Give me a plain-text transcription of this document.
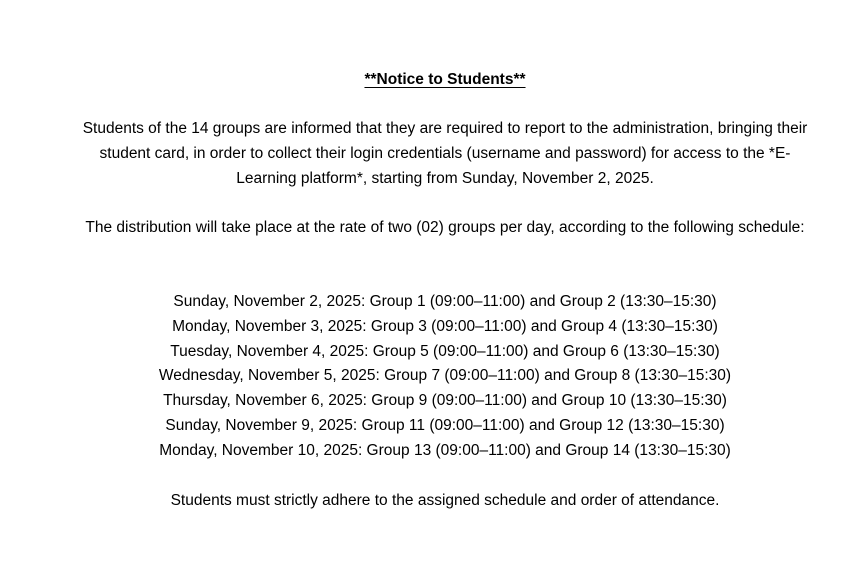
**Notice to Students**

Students of the 14 groups are informed that they are required to report to the administration, bringing their student card, in order to collect their login credentials (username and password) for access to the *E-Learning platform*, starting from Sunday, November 2, 2025.

The distribution will take place at the rate of two (02) groups per day, according to the following schedule:

Sunday, November 2, 2025: Group 1 (09:00–11:00) and Group 2 (13:30–15:30)
Monday, November 3, 2025: Group 3 (09:00–11:00) and Group 4 (13:30–15:30)
Tuesday, November 4, 2025: Group 5 (09:00–11:00) and Group 6 (13:30–15:30)
Wednesday, November 5, 2025: Group 7 (09:00–11:00) and Group 8 (13:30–15:30)
Thursday, November 6, 2025: Group 9 (09:00–11:00) and Group 10 (13:30–15:30)
Sunday, November 9, 2025: Group 11 (09:00–11:00) and Group 12 (13:30–15:30)
Monday, November 10, 2025: Group 13 (09:00–11:00) and Group 14 (13:30–15:30)

Students must strictly adhere to the assigned schedule and order of attendance.
